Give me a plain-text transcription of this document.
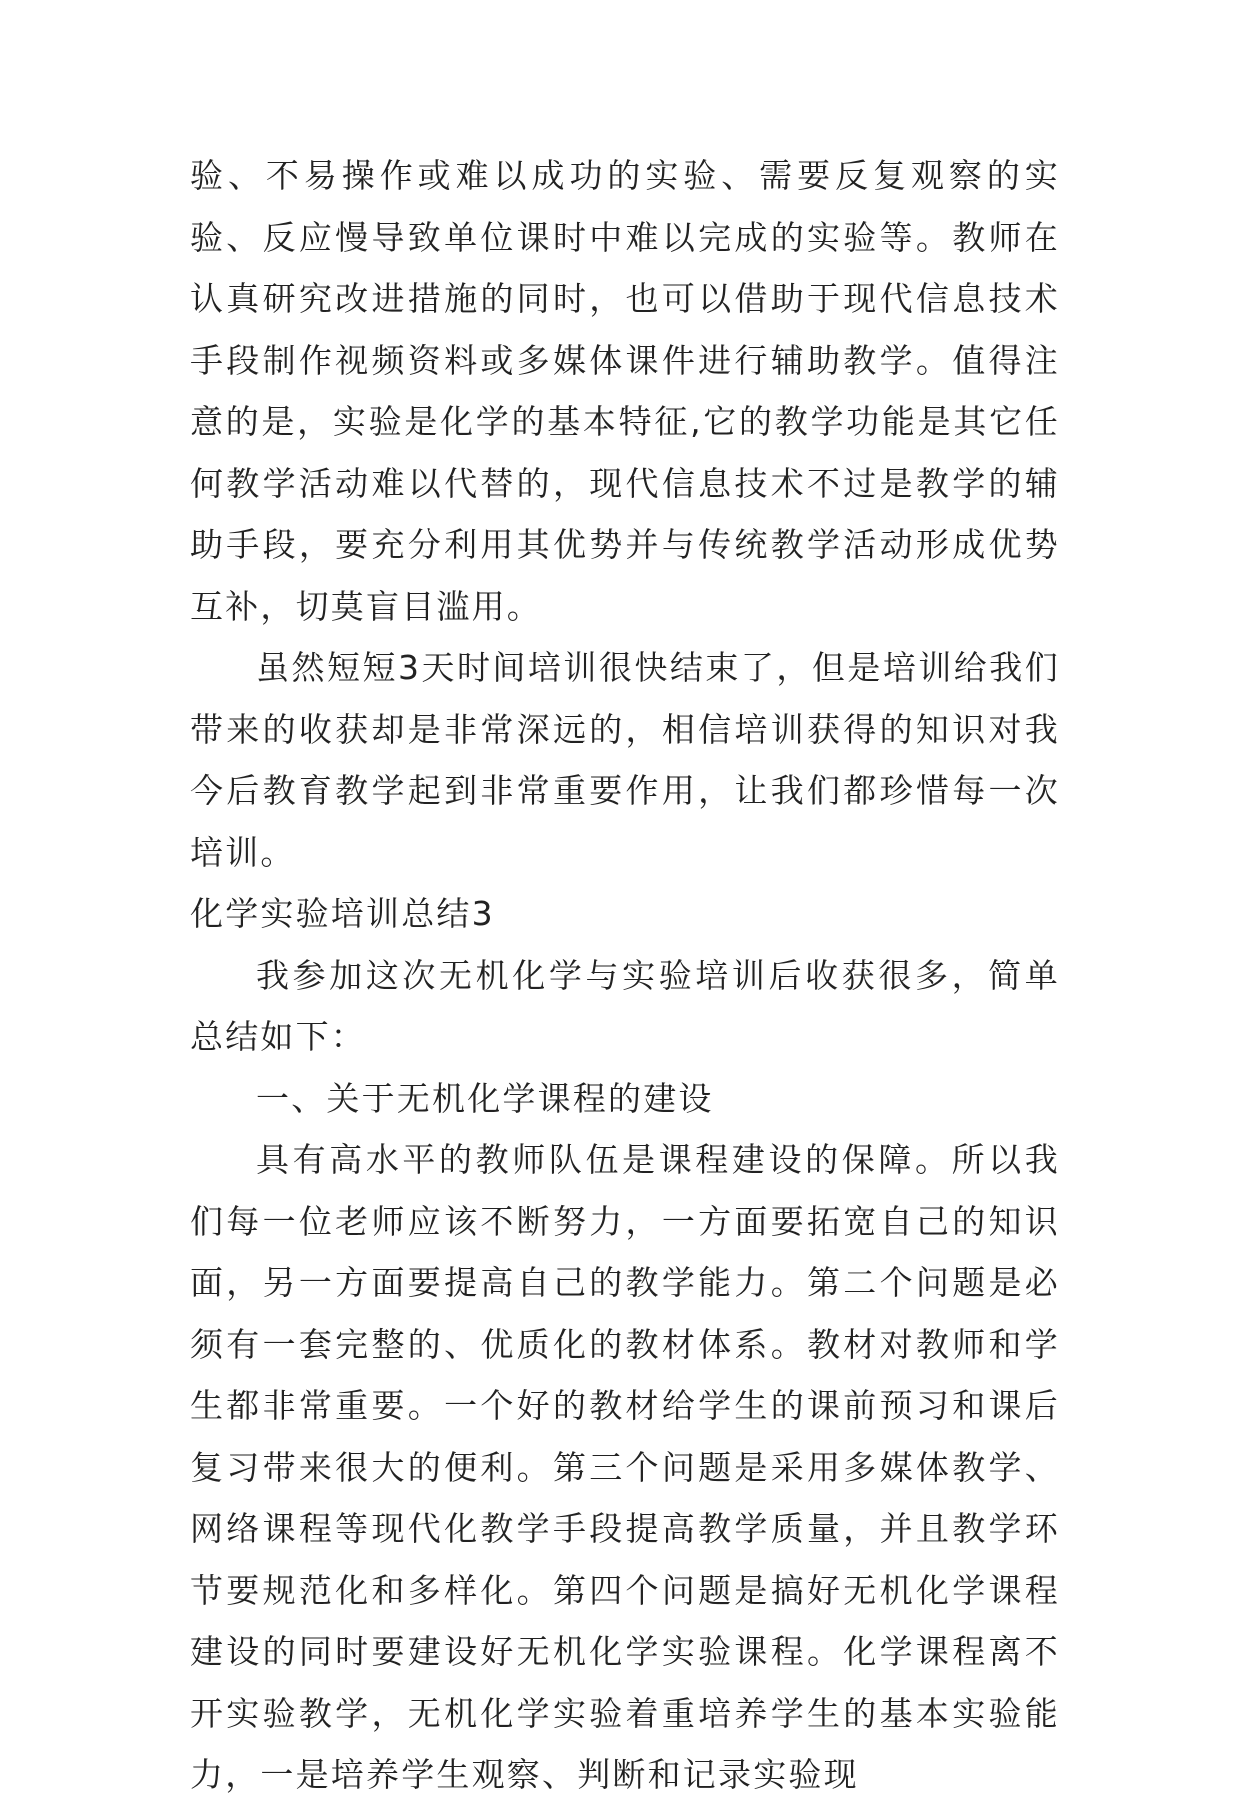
验、不易操作或难以成功的实验、需要反复观察的实验、反应慢导致单位课时中难以完成的实验等。教师在认真研究改进措施的同时，也可以借助于现代信息技术手段制作视频资料或多媒体课件进行辅助教学。值得注意的是，实验是化学的基本特征,它的教学功能是其它任何教学活动难以代替的，现代信息技术不过是教学的辅助手段，要充分利用其优势并与传统教学活动形成优势互补，切莫盲目滥用。

虽然短短3天时间培训很快结束了，但是培训给我们带来的收获却是非常深远的，相信培训获得的知识对我今后教育教学起到非常重要作用，让我们都珍惜每一次培训。

化学实验培训总结3

我参加这次无机化学与实验培训后收获很多，简单总结如下：

一、关于无机化学课程的建设

具有高水平的教师队伍是课程建设的保障。所以我们每一位老师应该不断努力，一方面要拓宽自己的知识面，另一方面要提高自己的教学能力。第二个问题是必须有一套完整的、优质化的教材体系。教材对教师和学生都非常重要。一个好的教材给学生的课前预习和课后复习带来很大的便利。第三个问题是采用多媒体教学、网络课程等现代化教学手段提高教学质量，并且教学环节要规范化和多样化。第四个问题是搞好无机化学课程建设的同时要建设好无机化学实验课程。化学课程离不开实验教学，无机化学实验着重培养学生的基本实验能力，一是培养学生观察、判断和记录实验现
